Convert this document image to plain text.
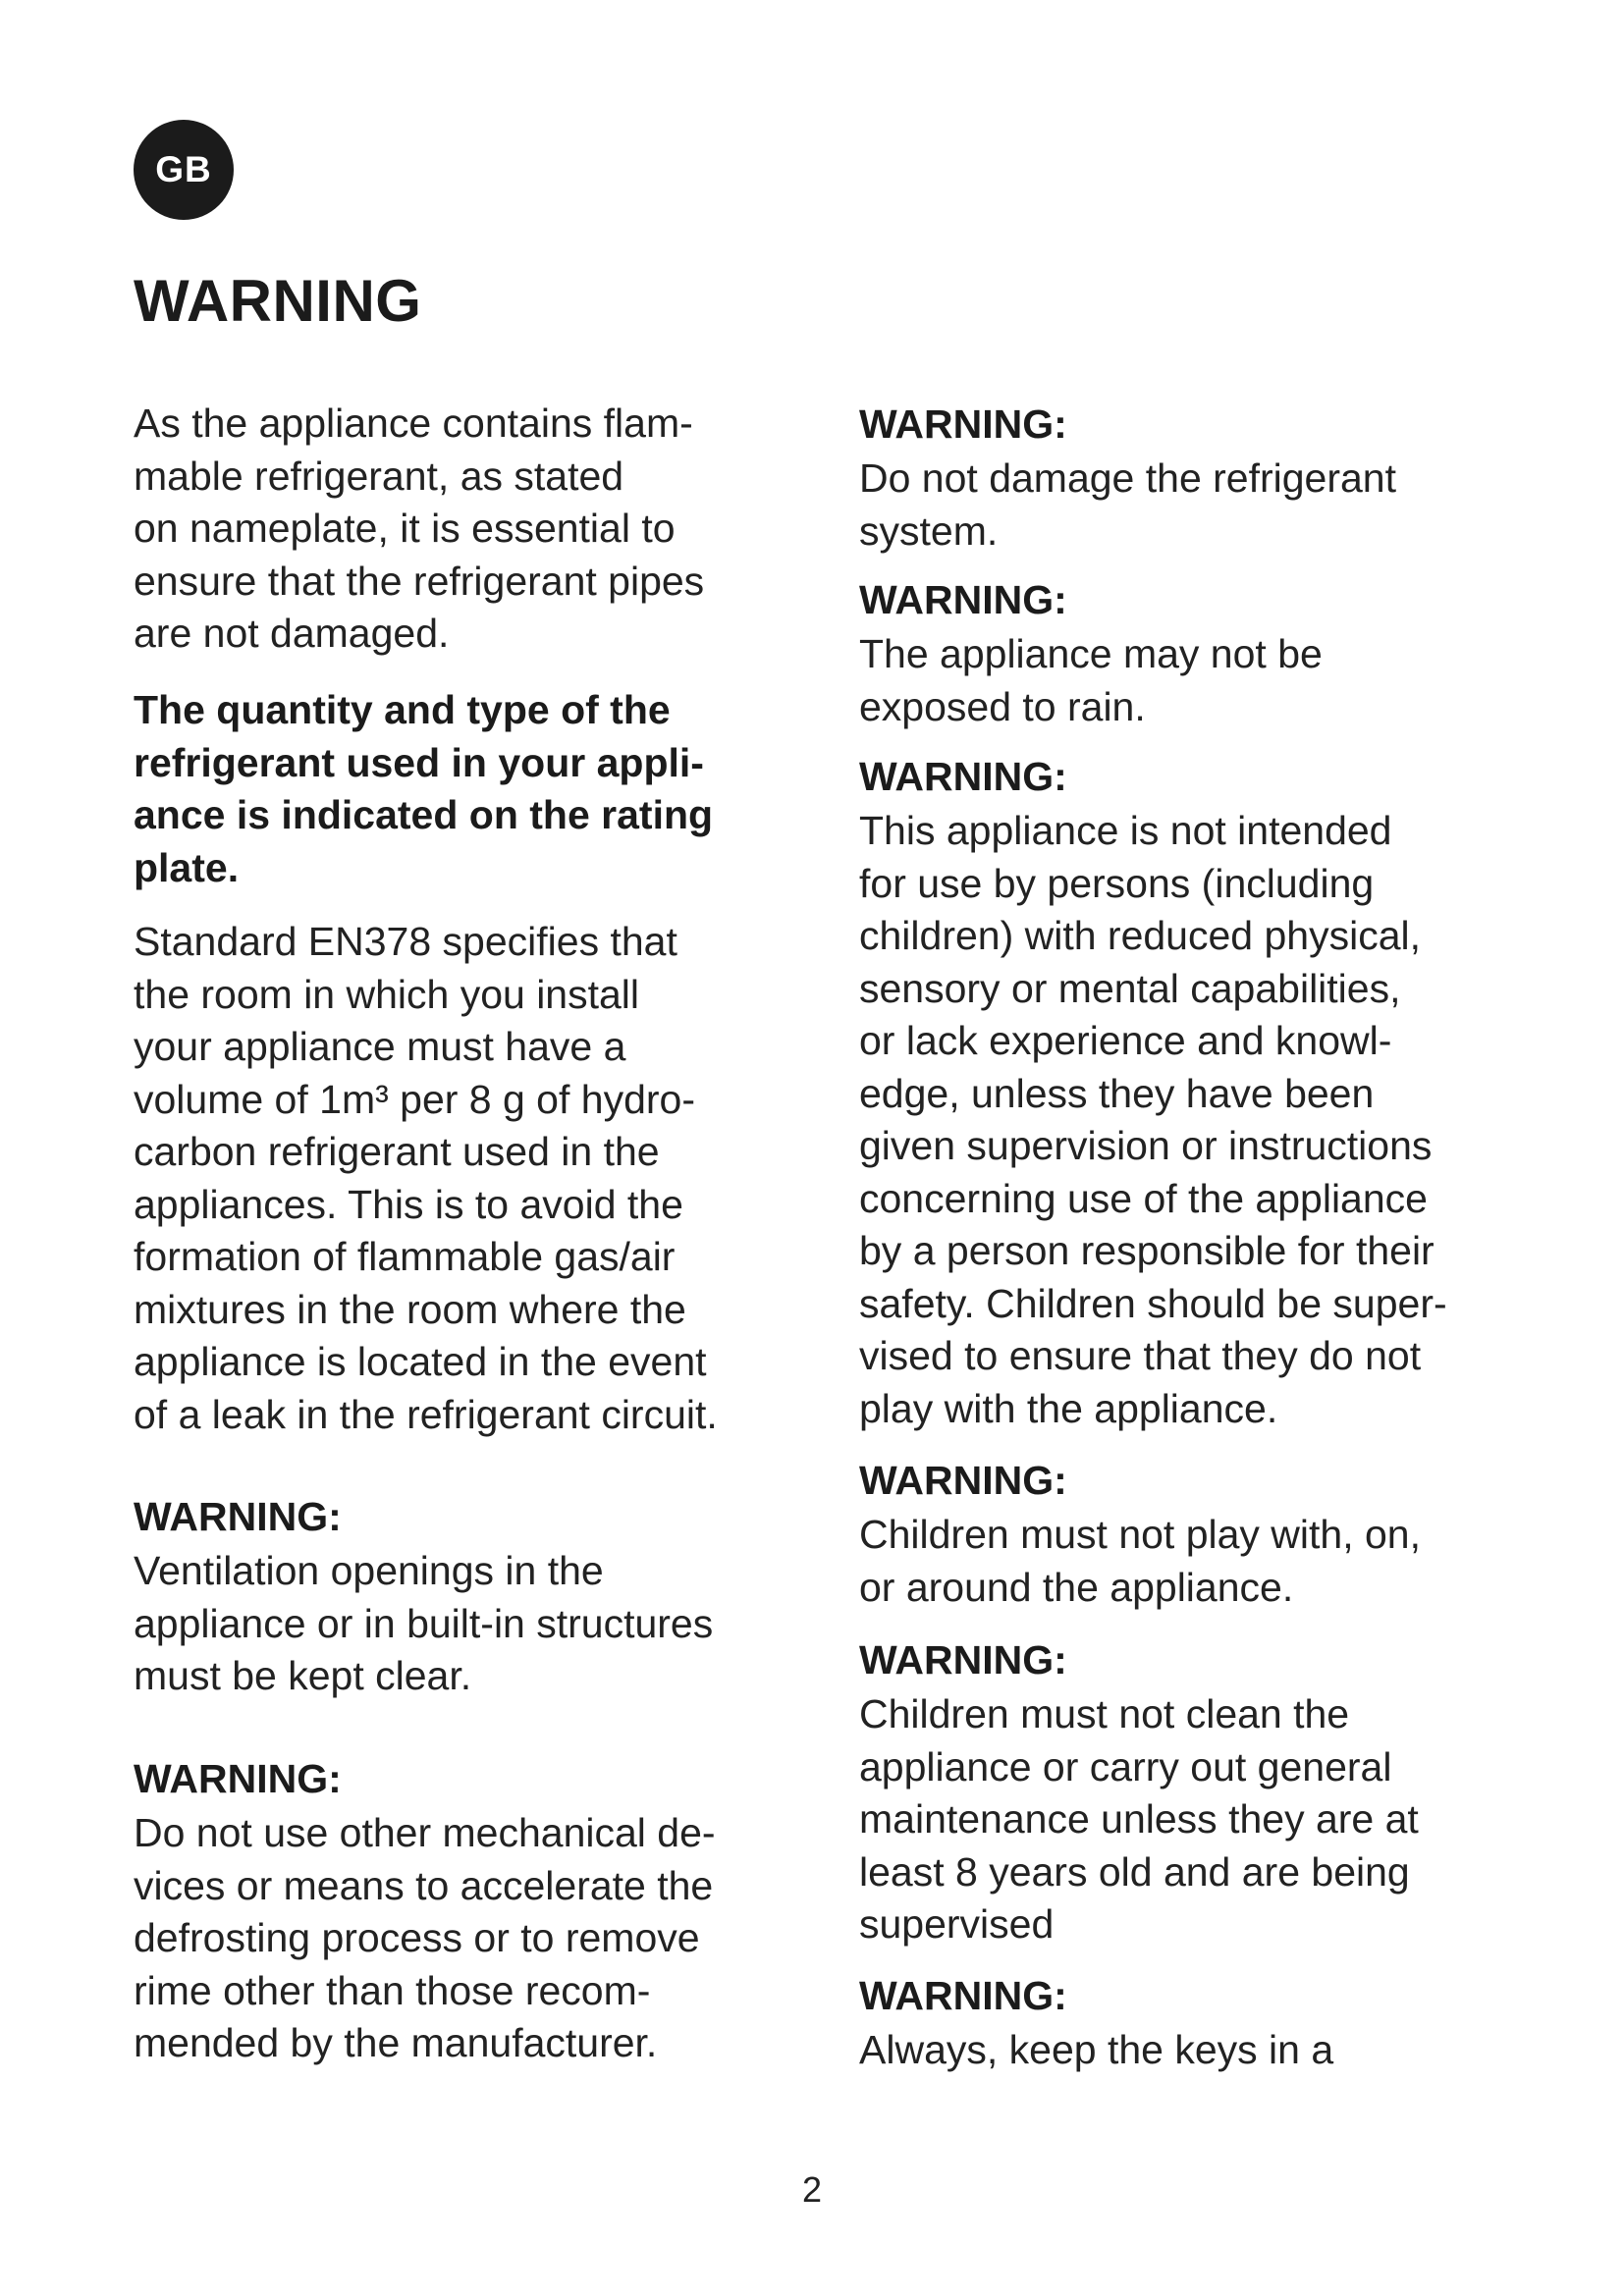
GB
WARNING

As the appliance contains flam-
mable refrigerant, as stated
on nameplate, it is essential to
ensure that the refrigerant pipes
are not damaged.

The quantity and type of the
refrigerant used in your appli-
ance is indicated on the rating
plate.

Standard EN378 specifies that
the room in which you install
your appliance must have a
volume of 1m³ per 8 g of hydro-
carbon refrigerant used in the
appliances. This is to avoid the
formation of flammable gas/air
mixtures in the room where the
appliance is located in the event
of a leak in the refrigerant circuit.

WARNING:

Ventilation openings in the
appliance or in built-in structures
must be kept clear.

WARNING:

Do not use other mechanical de-
vices or means to accelerate the
defrosting process or to remove
rime other than those recom-
mended by the manufacturer.

WARNING:

Do not damage the refrigerant
system.

WARNING:

The appliance may not be
exposed to rain.

WARNING:

This appliance is not intended
for use by persons (including
children) with reduced physical,
sensory or mental capabilities,
or lack experience and knowl-
edge, unless they have been
given supervision or instructions
concerning use of the appliance
by a person responsible for their
safety. Children should be super-
vised to ensure that they do not
play with the appliance.

WARNING:

Children must not play with, on,
or around the appliance.

WARNING:

Children must not clean the
appliance or carry out general
maintenance unless they are at
least 8 years old and are being
supervised

WARNING:

Always, keep the keys in a

2
